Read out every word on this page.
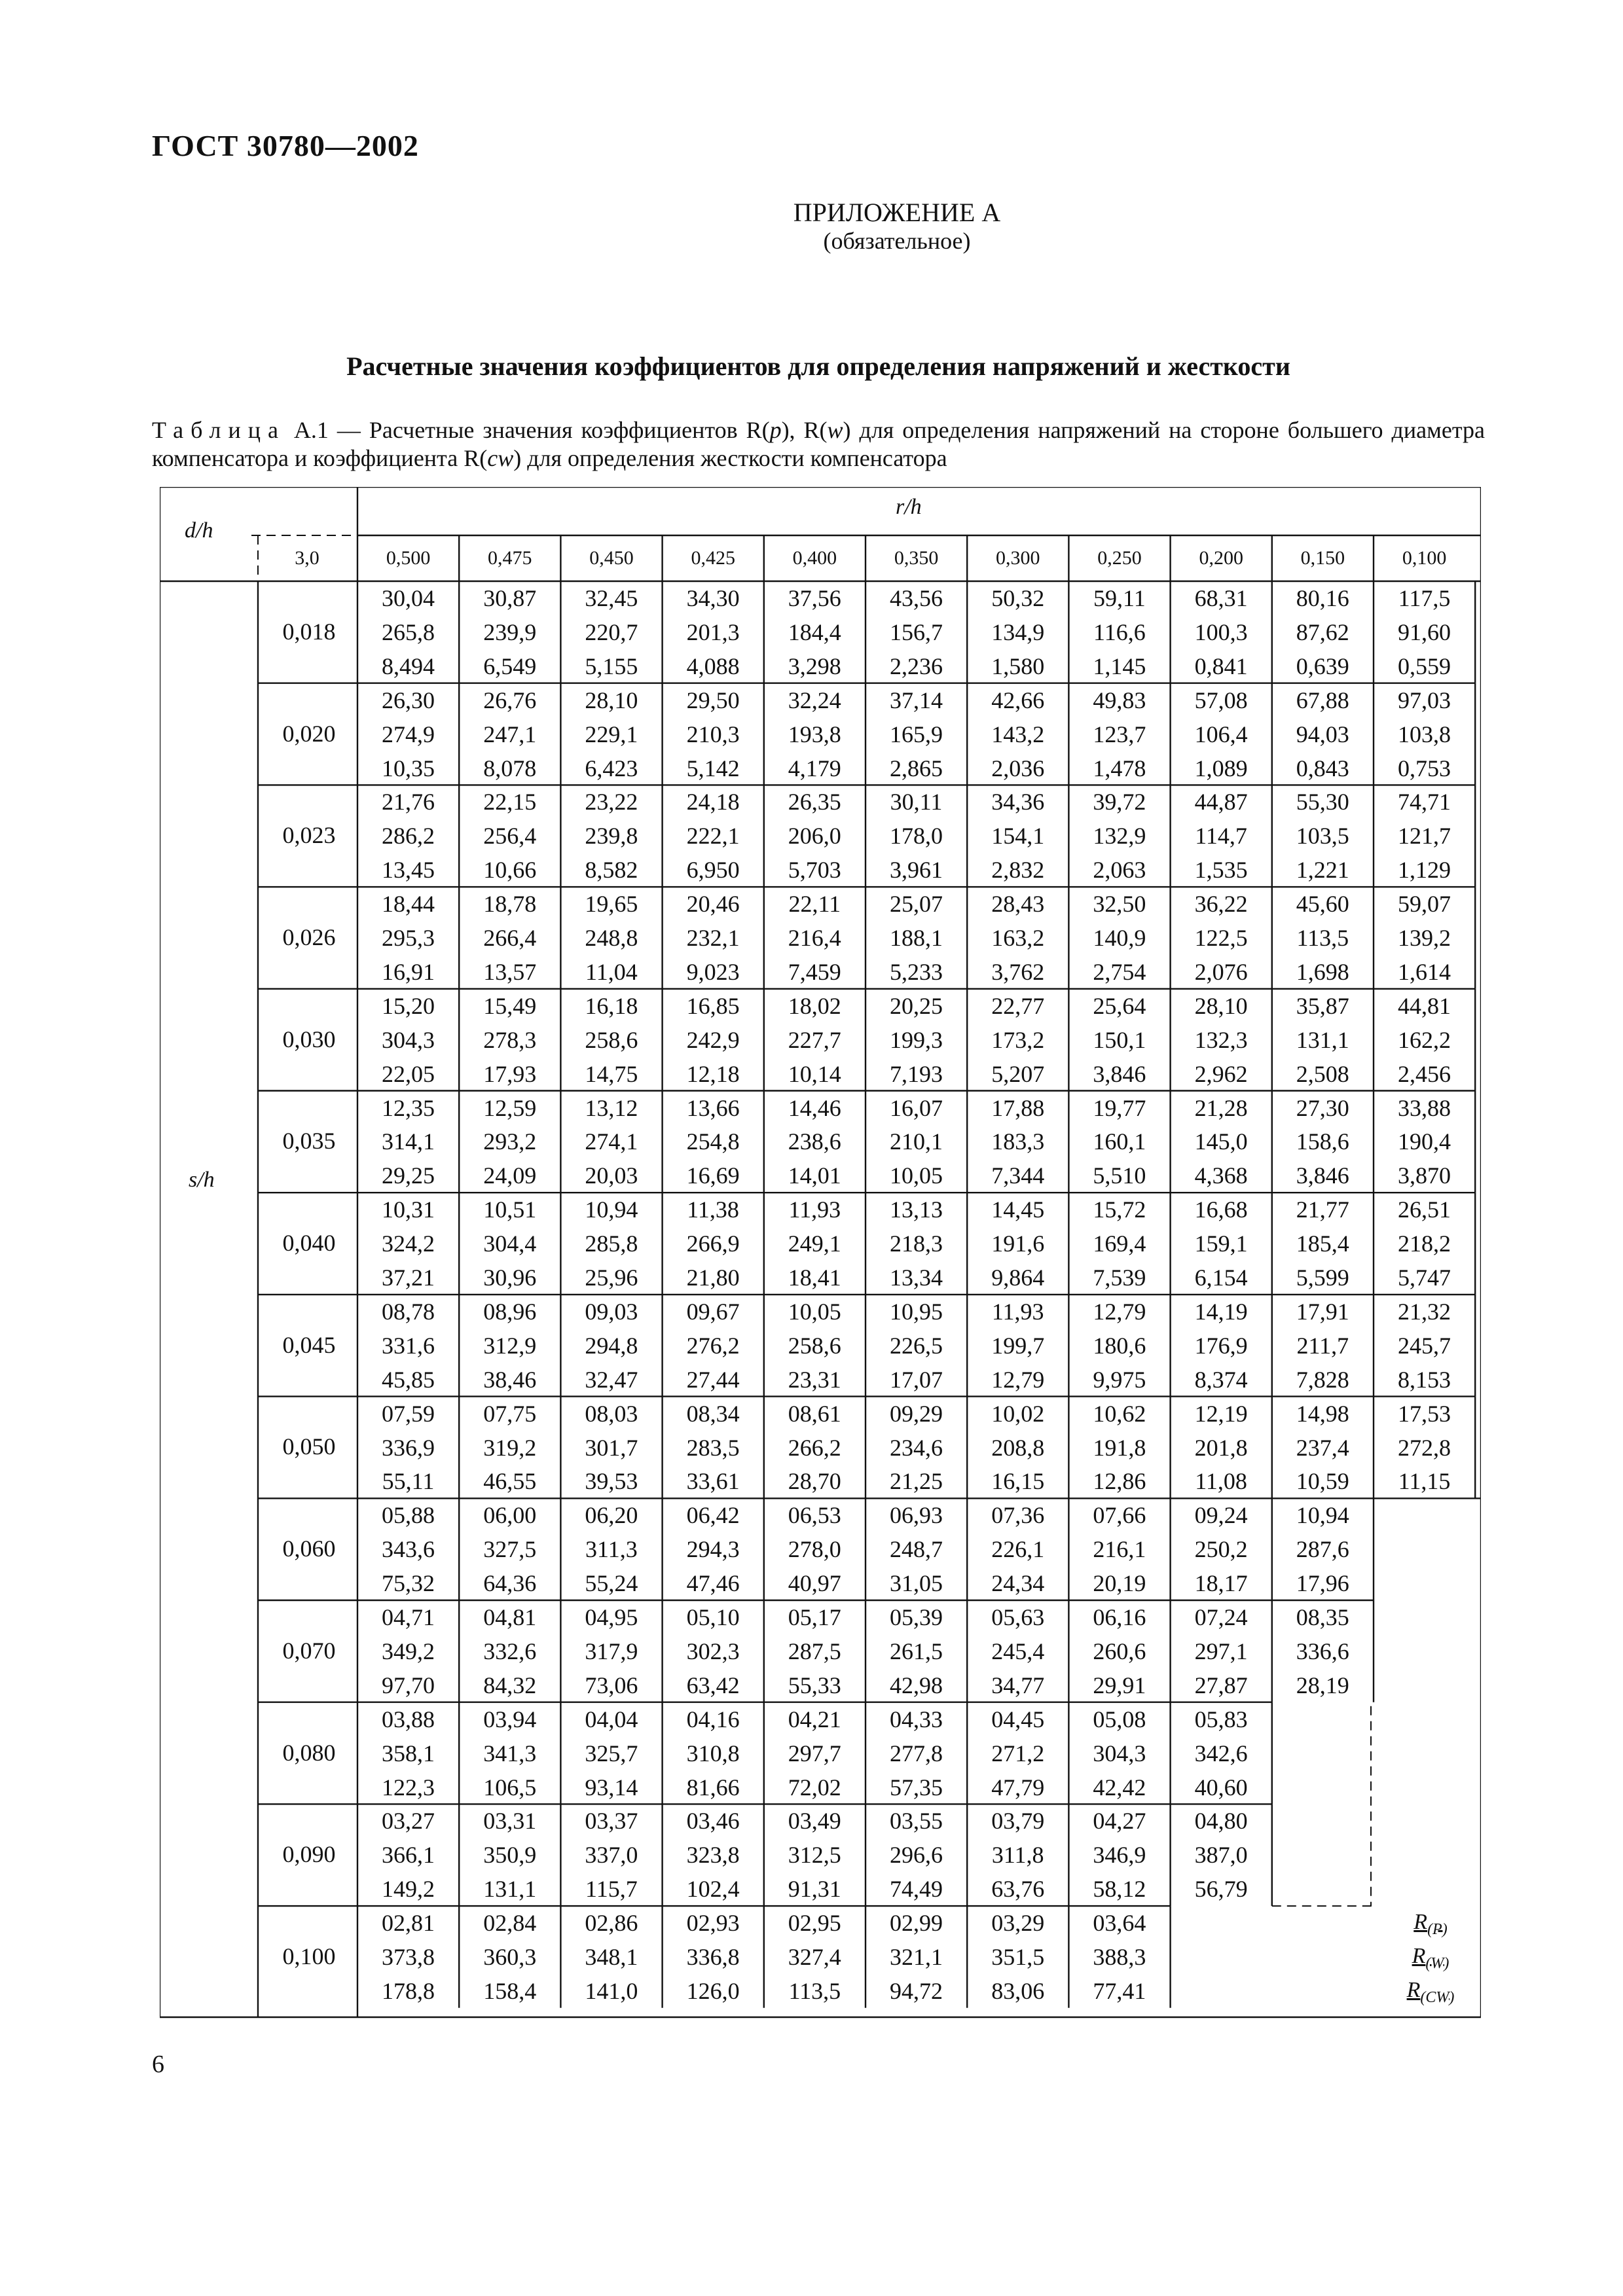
ГОСТ 30780—2002
ПРИЛОЖЕНИЕ А
(обязательное)
Расчетные значения коэффициентов для определения напряжений и жесткости
Таблица А.1 — Расчетные значения коэффициентов R(p), R(w) для определения напряжений на стороне большего диаметра компенсатора и коэффициента R(cw) для определения жесткости компенсатора
d/h
r/h
s/h
3,0	0,500	0,475	0,450	0,425	0,400	0,350	0,300	0,250	0,200	0,150	0,100
0,018
30,04	30,87	32,45	34,30	37,56	43,56	50,32	59,11	68,31	80,16	117,5
265,8	239,9	220,7	201,3	184,4	156,7	134,9	116,6	100,3	87,62	91,60
8,494	6,549	5,155	4,088	3,298	2,236	1,580	1,145	0,841	0,639	0,559
0,020
26,30	26,76	28,10	29,50	32,24	37,14	42,66	49,83	57,08	67,88	97,03
274,9	247,1	229,1	210,3	193,8	165,9	143,2	123,7	106,4	94,03	103,8
10,35	8,078	6,423	5,142	4,179	2,865	2,036	1,478	1,089	0,843	0,753
0,023
21,76	22,15	23,22	24,18	26,35	30,11	34,36	39,72	44,87	55,30	74,71
286,2	256,4	239,8	222,1	206,0	178,0	154,1	132,9	114,7	103,5	121,7
13,45	10,66	8,582	6,950	5,703	3,961	2,832	2,063	1,535	1,221	1,129
0,026
18,44	18,78	19,65	20,46	22,11	25,07	28,43	32,50	36,22	45,60	59,07
295,3	266,4	248,8	232,1	216,4	188,1	163,2	140,9	122,5	113,5	139,2
16,91	13,57	11,04	9,023	7,459	5,233	3,762	2,754	2,076	1,698	1,614
0,030
15,20	15,49	16,18	16,85	18,02	20,25	22,77	25,64	28,10	35,87	44,81
304,3	278,3	258,6	242,9	227,7	199,3	173,2	150,1	132,3	131,1	162,2
22,05	17,93	14,75	12,18	10,14	7,193	5,207	3,846	2,962	2,508	2,456
0,035
12,35	12,59	13,12	13,66	14,46	16,07	17,88	19,77	21,28	27,30	33,88
314,1	293,2	274,1	254,8	238,6	210,1	183,3	160,1	145,0	158,6	190,4
29,25	24,09	20,03	16,69	14,01	10,05	7,344	5,510	4,368	3,846	3,870
0,040
10,31	10,51	10,94	11,38	11,93	13,13	14,45	15,72	16,68	21,77	26,51
324,2	304,4	285,8	266,9	249,1	218,3	191,6	169,4	159,1	185,4	218,2
37,21	30,96	25,96	21,80	18,41	13,34	9,864	7,539	6,154	5,599	5,747
0,045
08,78	08,96	09,03	09,67	10,05	10,95	11,93	12,79	14,19	17,91	21,32
331,6	312,9	294,8	276,2	258,6	226,5	199,7	180,6	176,9	211,7	245,7
45,85	38,46	32,47	27,44	23,31	17,07	12,79	9,975	8,374	7,828	8,153
0,050
07,59	07,75	08,03	08,34	08,61	09,29	10,02	10,62	12,19	14,98	17,53
336,9	319,2	301,7	283,5	266,2	234,6	208,8	191,8	201,8	237,4	272,8
55,11	46,55	39,53	33,61	28,70	21,25	16,15	12,86	11,08	10,59	11,15
0,060
05,88	06,00	06,20	06,42	06,53	06,93	07,36	07,66	09,24	10,94
343,6	327,5	311,3	294,3	278,0	248,7	226,1	216,1	250,2	287,6
75,32	64,36	55,24	47,46	40,97	31,05	24,34	20,19	18,17	17,96
0,070
04,71	04,81	04,95	05,10	05,17	05,39	05,63	06,16	07,24	08,35
349,2	332,6	317,9	302,3	287,5	261,5	245,4	260,6	297,1	336,6
97,70	84,32	73,06	63,42	55,33	42,98	34,77	29,91	27,87	28,19
0,080
03,88	03,94	04,04	04,16	04,21	04,33	04,45	05,08	05,83
358,1	341,3	325,7	310,8	297,7	277,8	271,2	304,3	342,6
122,3	106,5	93,14	81,66	72,02	57,35	47,79	42,42	40,60
0,090
03,27	03,31	03,37	03,46	03,49	03,55	03,79	04,27	04,80
366,1	350,9	337,0	323,8	312,5	296,6	311,8	346,9	387,0
149,2	131,1	115,7	102,4	91,31	74,49	63,76	58,12	56,79
0,100
02,81	02,84	02,86	02,93	02,95	02,99	03,29	03,64
373,8	360,3	348,1	336,8	327,4	321,1	351,5	388,3
178,8	158,4	141,0	126,0	113,5	94,72	83,06	77,41
$R_{(P)}$
$R_{(W)}$
$R_{(CW)}$
6
